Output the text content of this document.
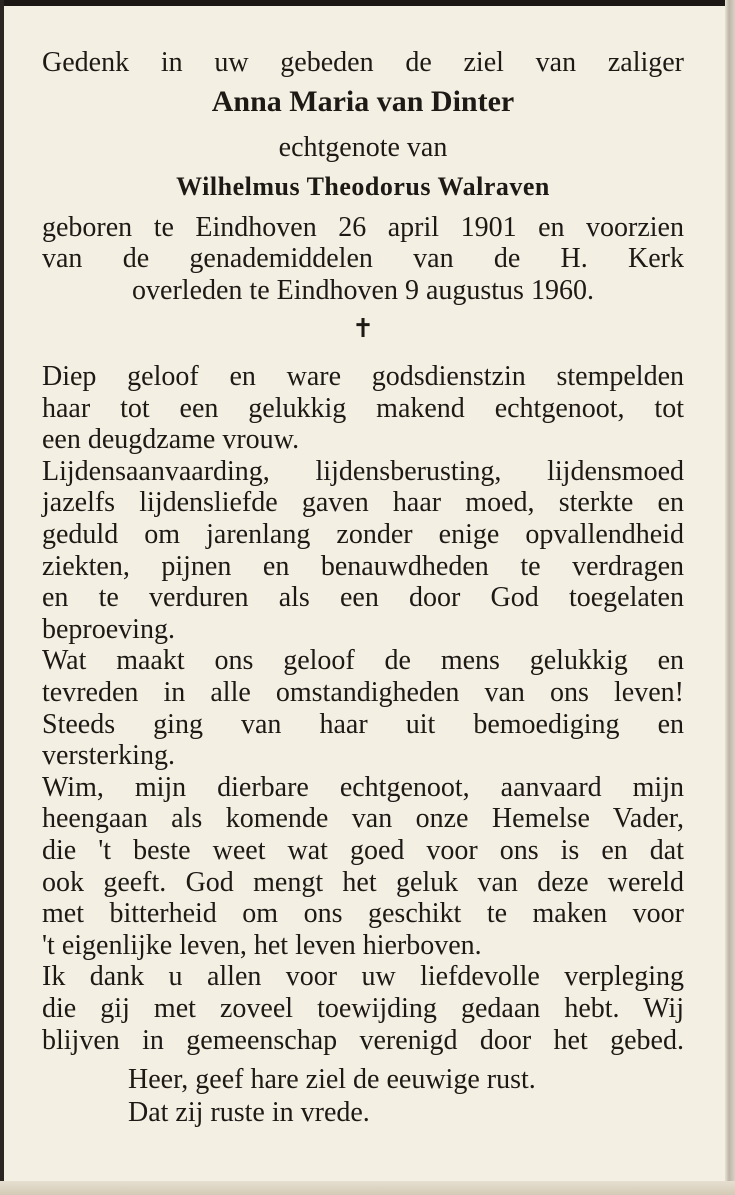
Gedenk in uw gebeden de ziel van zaliger
Anna Maria van Dinter
echtgenote van
Wilhelmus Theodorus Walraven
geboren te Eindhoven 26 april 1901 en voorzien
van de genademiddelen van de H. Kerk
overleden te Eindhoven 9 augustus 1960.
✝
Diep geloof en ware godsdienstzin stempelden
haar tot een gelukkig makend echtgenoot, tot
een deugdzame vrouw.
Lijdensaanvaarding, lijdensberusting, lijdensmoed
jazelfs lijdensliefde gaven haar moed, sterkte en
geduld om jarenlang zonder enige opvallendheid
ziekten, pijnen en benauwdheden te verdragen
en te verduren als een door God toegelaten
beproeving.
Wat maakt ons geloof de mens gelukkig en
tevreden in alle omstandigheden van ons leven!
Steeds ging van haar uit bemoediging en
versterking.
Wim, mijn dierbare echtgenoot, aanvaard mijn
heengaan als komende van onze Hemelse Vader,
die 't beste weet wat goed voor ons is en dat
ook geeft. God mengt het geluk van deze wereld
met bitterheid om ons geschikt te maken voor
't eigenlijke leven, het leven hierboven.
Ik dank u allen voor uw liefdevolle verpleging
die gij met zoveel toewijding gedaan hebt. Wij
blijven in gemeenschap verenigd door het gebed.
Heer, geef hare ziel de eeuwige rust.
Dat zij ruste in vrede.
